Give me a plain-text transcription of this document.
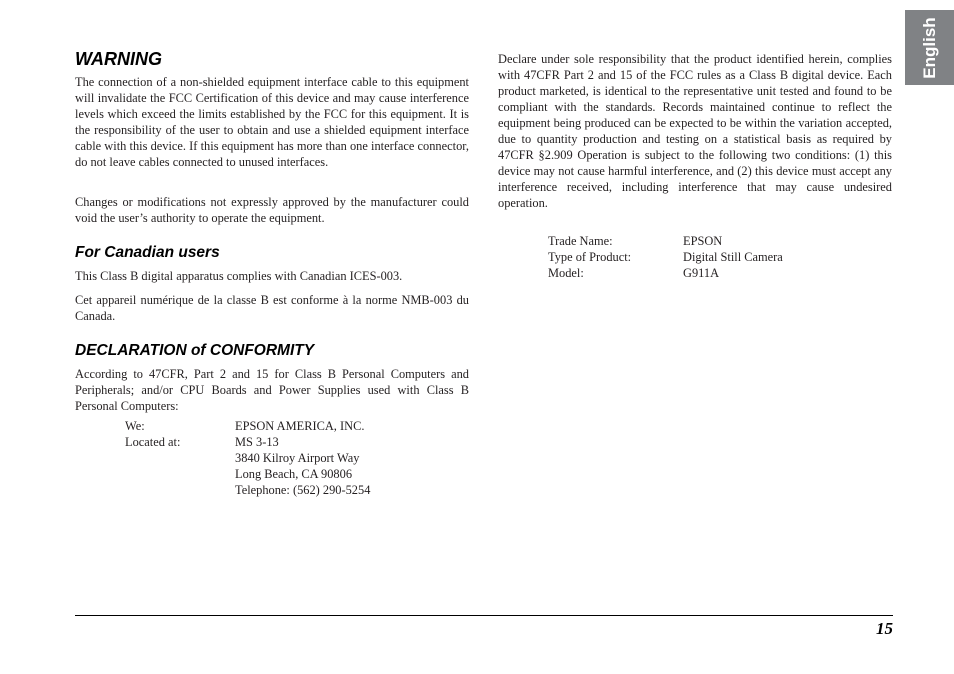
WARNING

The connection of a non-shielded equipment interface cable to this equipment will invalidate the FCC Certification of this device and may cause interference levels which exceed the limits established by the FCC for this equipment. It is the responsibility of the user to obtain and use a shielded equipment interface cable with this device. If this equipment has more than one interface connector, do not leave cables connected to unused interfaces.

Changes or modifications not expressly approved by the manufacturer could void the user’s authority to operate the equipment.

For Canadian users

This Class B digital apparatus complies with Canadian ICES-003.

Cet appareil numérique de la classe B est conforme à la norme NMB-003 du Canada.

DECLARATION of CONFORMITY

According to 47CFR, Part 2 and 15 for Class B Personal Computers and Peripherals; and/or CPU Boards and Power Supplies used with Class B Personal Computers:

We:	EPSON AMERICA, INC.
Located at:	MS 3-13
3840 Kilroy Airport Way
Long Beach, CA 90806
Telephone: (562) 290-5254

Declare under sole responsibility that the product identified herein, complies with 47CFR Part 2 and 15 of the FCC rules as a Class B digital device. Each product marketed, is identical to the representative unit tested and found to be compliant with the standards. Records maintained continue to reflect the equipment being produced can be expected to be within the variation accepted, due to quantity production and testing on a statistical basis as required by 47CFR §2.909 Operation is subject to the following two conditions: (1) this device may not cause harmful interference, and (2) this device must accept any interference received, including interference that may cause undesired operation.

Trade Name:	EPSON
Type of Product:	Digital Still Camera
Model:	G911A
English
15
